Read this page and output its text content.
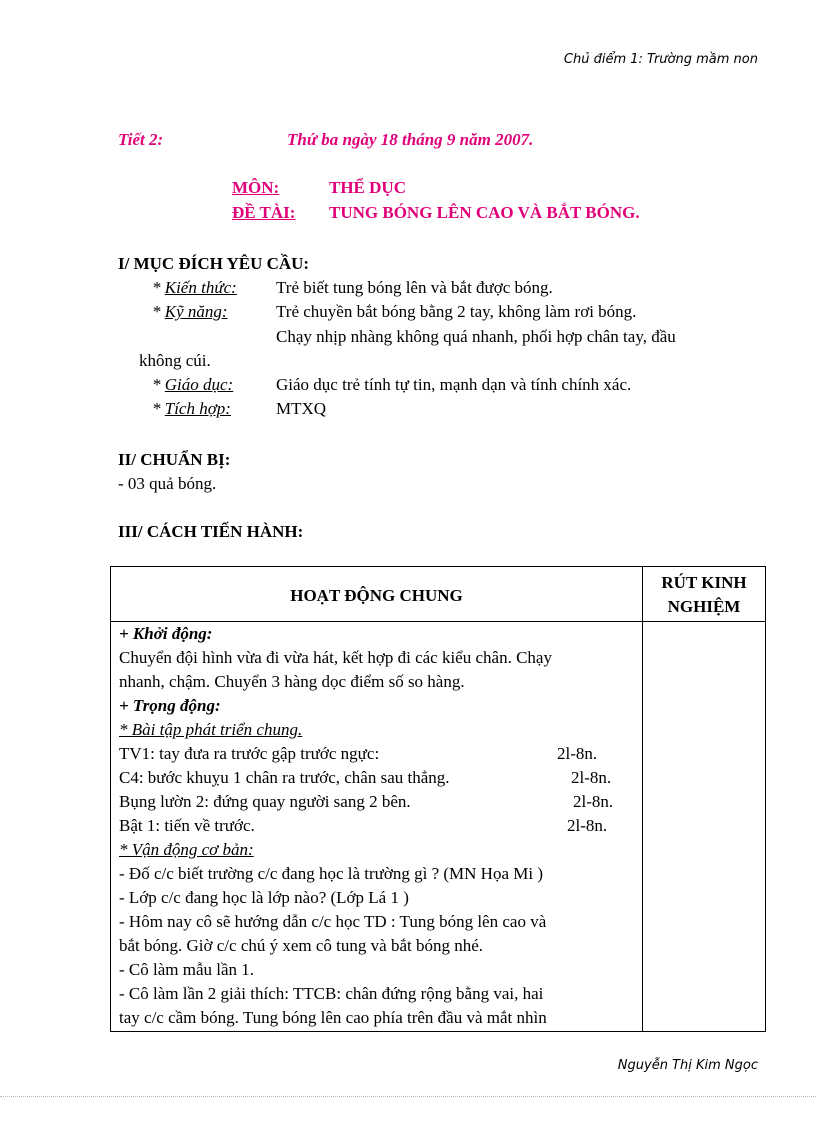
Chủ điểm 1: Trường mầm non
Tiết 2:	Thứ ba ngày 18 tháng 9 năm 2007.
MÔN:	THỂ DỤC
ĐỀ TÀI: TUNG BÓNG LÊN CAO VÀ BẮT BÓNG.
I/ MỤC ĐÍCH YÊU CẦU:
* Kiến thức: Trẻ biết tung bóng lên và bắt được bóng.
* Kỹ năng:	Trẻ chuyền bắt bóng bằng 2 tay, không làm rơi bóng.
Chạy nhịp nhàng không quá nhanh, phối hợp chân tay, đầu
không cúi.
* Giáo dục:	Giáo dục trẻ tính tự tin, mạnh dạn và tính chính xác.
* Tích hợp:	MTXQ
II/ CHUẨN BỊ:
- 03 quả bóng.
III/ CÁCH TIẾN HÀNH:
HOẠT ĐỘNG CHUNG
RÚT KINH
NGHIỆM
+ Khởi động:
Chuyển đội hình vừa đi vừa hát, kết hợp đi các kiểu chân. Chạy
nhanh, chậm. Chuyển 3 hàng dọc điểm số so hàng.
+ Trọng động:
* Bài tập phát triển chung.
TV1: tay đưa ra trước gập trước ngực:	2l-8n.
C4: bước khuỵu 1 chân ra trước, chân sau thẳng.	2l-8n.
Bụng lườn 2: đứng quay người sang 2 bên.	2l-8n.
Bật 1: tiến về trước.	2l-8n.
* Vận động cơ bản:
- Đố c/c biết trường c/c đang học là trường gì ? (MN Họa Mi )
- Lớp c/c đang học là lớp nào? (Lớp Lá 1 )
- Hôm nay cô sẽ hướng dẫn c/c học TD : Tung bóng lên cao và
bắt bóng. Giờ c/c chú ý xem cô tung và bắt bóng nhé.
- Cô làm mẫu lần 1.
- Cô làm lần 2 giải thích: TTCB: chân đứng rộng bằng vai, hai
tay c/c cầm bóng. Tung bóng lên cao phía trên đầu và mắt nhìn
Nguyễn Thị Kim Ngọc
